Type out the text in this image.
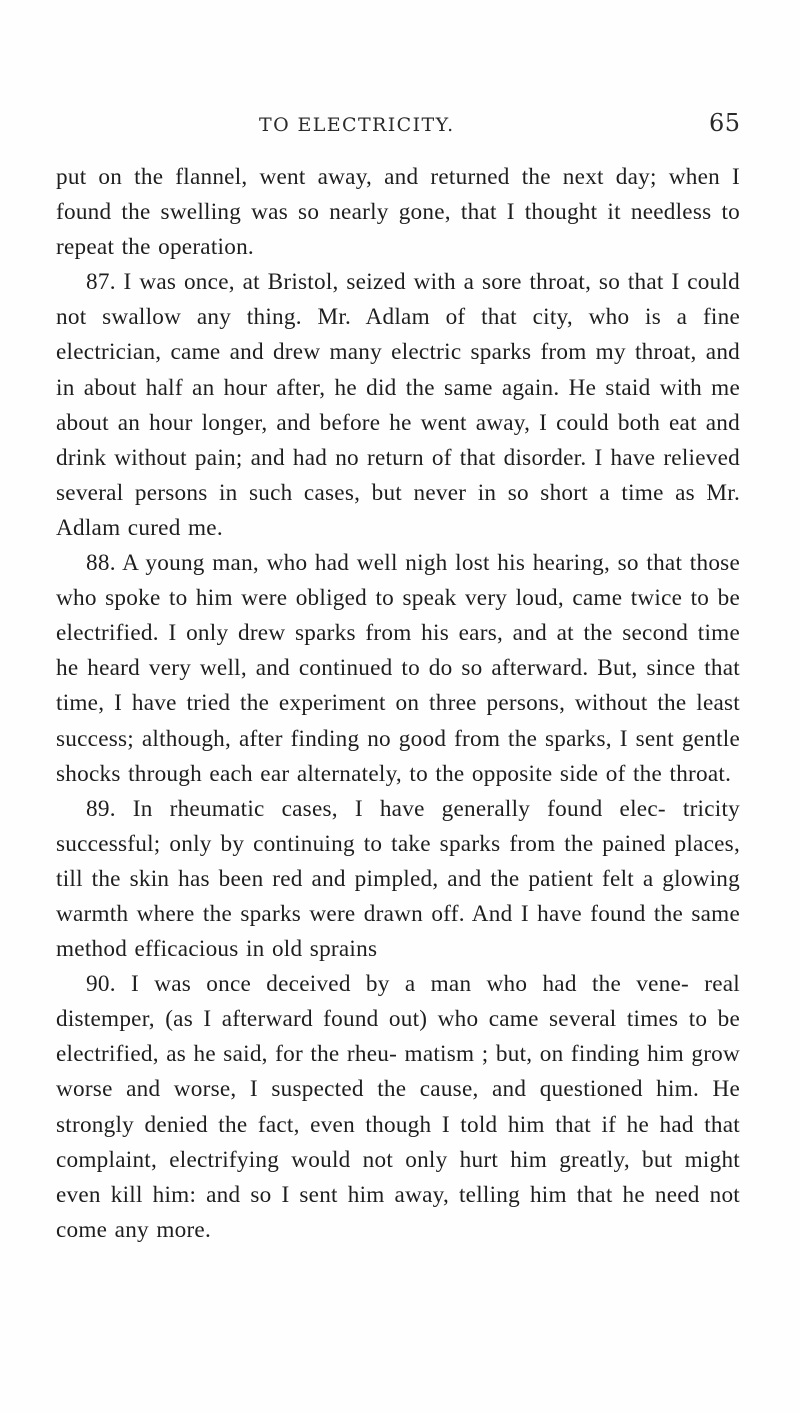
TO ELECTRICITY.	65

put on the flannel, went away, and returned the next day; when I found the swelling was so nearly gone, that I thought it needless to repeat the operation.

87. I was once, at Bristol, seized with a sore throat, so that I could not swallow any thing. Mr. Adlam of that city, who is a fine electrician, came and drew many electric sparks from my throat, and in about half an hour after, he did the same again. He staid with me about an hour longer, and before he went away, I could both eat and drink without pain; and had no return of that disorder. I have relieved several persons in such cases, but never in so short a time as Mr. Adlam cured me.

88. A young man, who had well nigh lost his hearing, so that those who spoke to him were obliged to speak very loud, came twice to be electrified. I only drew sparks from his ears, and at the second time he heard very well, and continued to do so afterward. But, since that time, I have tried the experiment on three persons, without the least success; although, after finding no good from the sparks, I sent gentle shocks through each ear alternately, to the opposite side of the throat.

89. In rheumatic cases, I have generally found elec- tricity successful; only by continuing to take sparks from the pained places, till the skin has been red and pimpled, and the patient felt a glowing warmth where the sparks were drawn off. And I have found the same method efficacious in old sprains

90. I was once deceived by a man who had the vene- real distemper, (as I afterward found out) who came several times to be electrified, as he said, for the rheu- matism ; but, on finding him grow worse and worse, I suspected the cause, and questioned him. He strongly denied the fact, even though I told him that if he had that complaint, electrifying would not only hurt him greatly, but might even kill him: and so I sent him away, telling him that he need not come any more.
